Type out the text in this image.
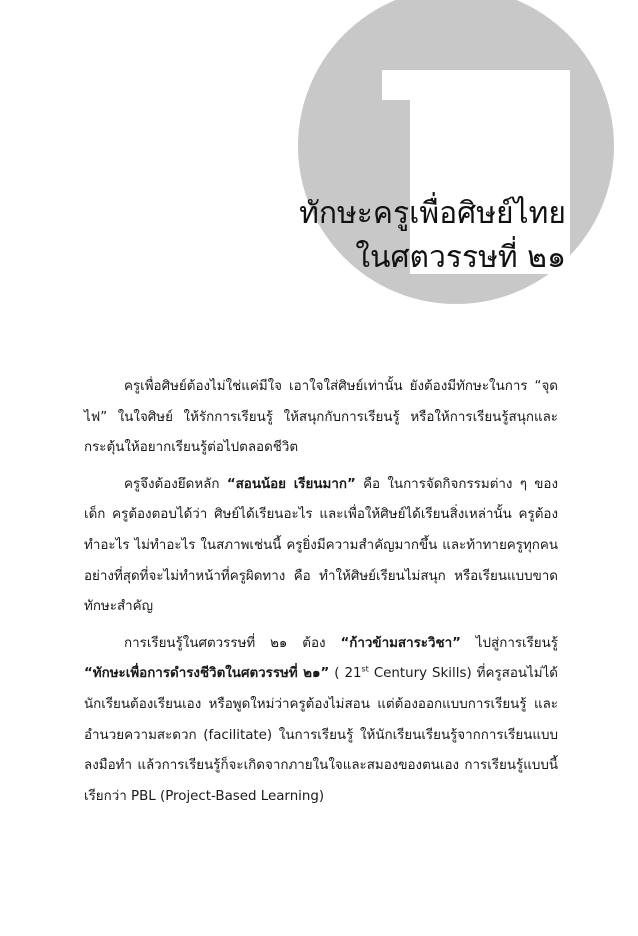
ทักษะครูเพื่อศิษย์ไทย
ในศตวรรษที่ ๒๑

ครูเพื่อศิษย์ต้องไม่ใช่แค่มีใจ เอาใจใส่ศิษย์เท่านั้น ยังต้องมีทักษะในการ “จุดไฟ” ในใจศิษย์ ให้รักการเรียนรู้ ให้สนุกกับการเรียนรู้ หรือให้การเรียนรู้สนุกและกระตุ้นให้อยากเรียนรู้ต่อไปตลอดชีวิต

ครูจึงต้องยึดหลัก “สอนน้อย เรียนมาก” คือ ในการจัดกิจกรรมต่าง ๆ ของเด็ก ครูต้องตอบได้ว่า ศิษย์ได้เรียนอะไร และเพื่อให้ศิษย์ได้เรียนสิ่งเหล่านั้น ครูต้องทำอะไร ไม่ทำอะไร ในสภาพเช่นนี้ ครูยิ่งมีความสำคัญมากขึ้น และท้าทายครูทุกคนอย่างที่สุดที่จะไม่ทำหน้าที่ครูผิดทาง คือ ทำให้ศิษย์เรียนไม่สนุก หรือเรียนแบบขาดทักษะสำคัญ

การเรียนรู้ในศตวรรษที่ ๒๑ ต้อง “ก้าวข้ามสาระวิชา” ไปสู่การเรียนรู้ “ทักษะเพื่อการดำรงชีวิตในศตวรรษที่ ๒๑” ( 21st Century Skills) ที่ครูสอนไม่ได้ นักเรียนต้องเรียนเอง หรือพูดใหม่ว่าครูต้องไม่สอน แต่ต้องออกแบบการเรียนรู้ และอำนวยความสะดวก (facilitate) ในการเรียนรู้ ให้นักเรียนเรียนรู้จากการเรียนแบบลงมือทำ แล้วการเรียนรู้ก็จะเกิดจากภายในใจและสมองของตนเอง การเรียนรู้แบบนี้เรียกว่า PBL (Project-Based Learning)
